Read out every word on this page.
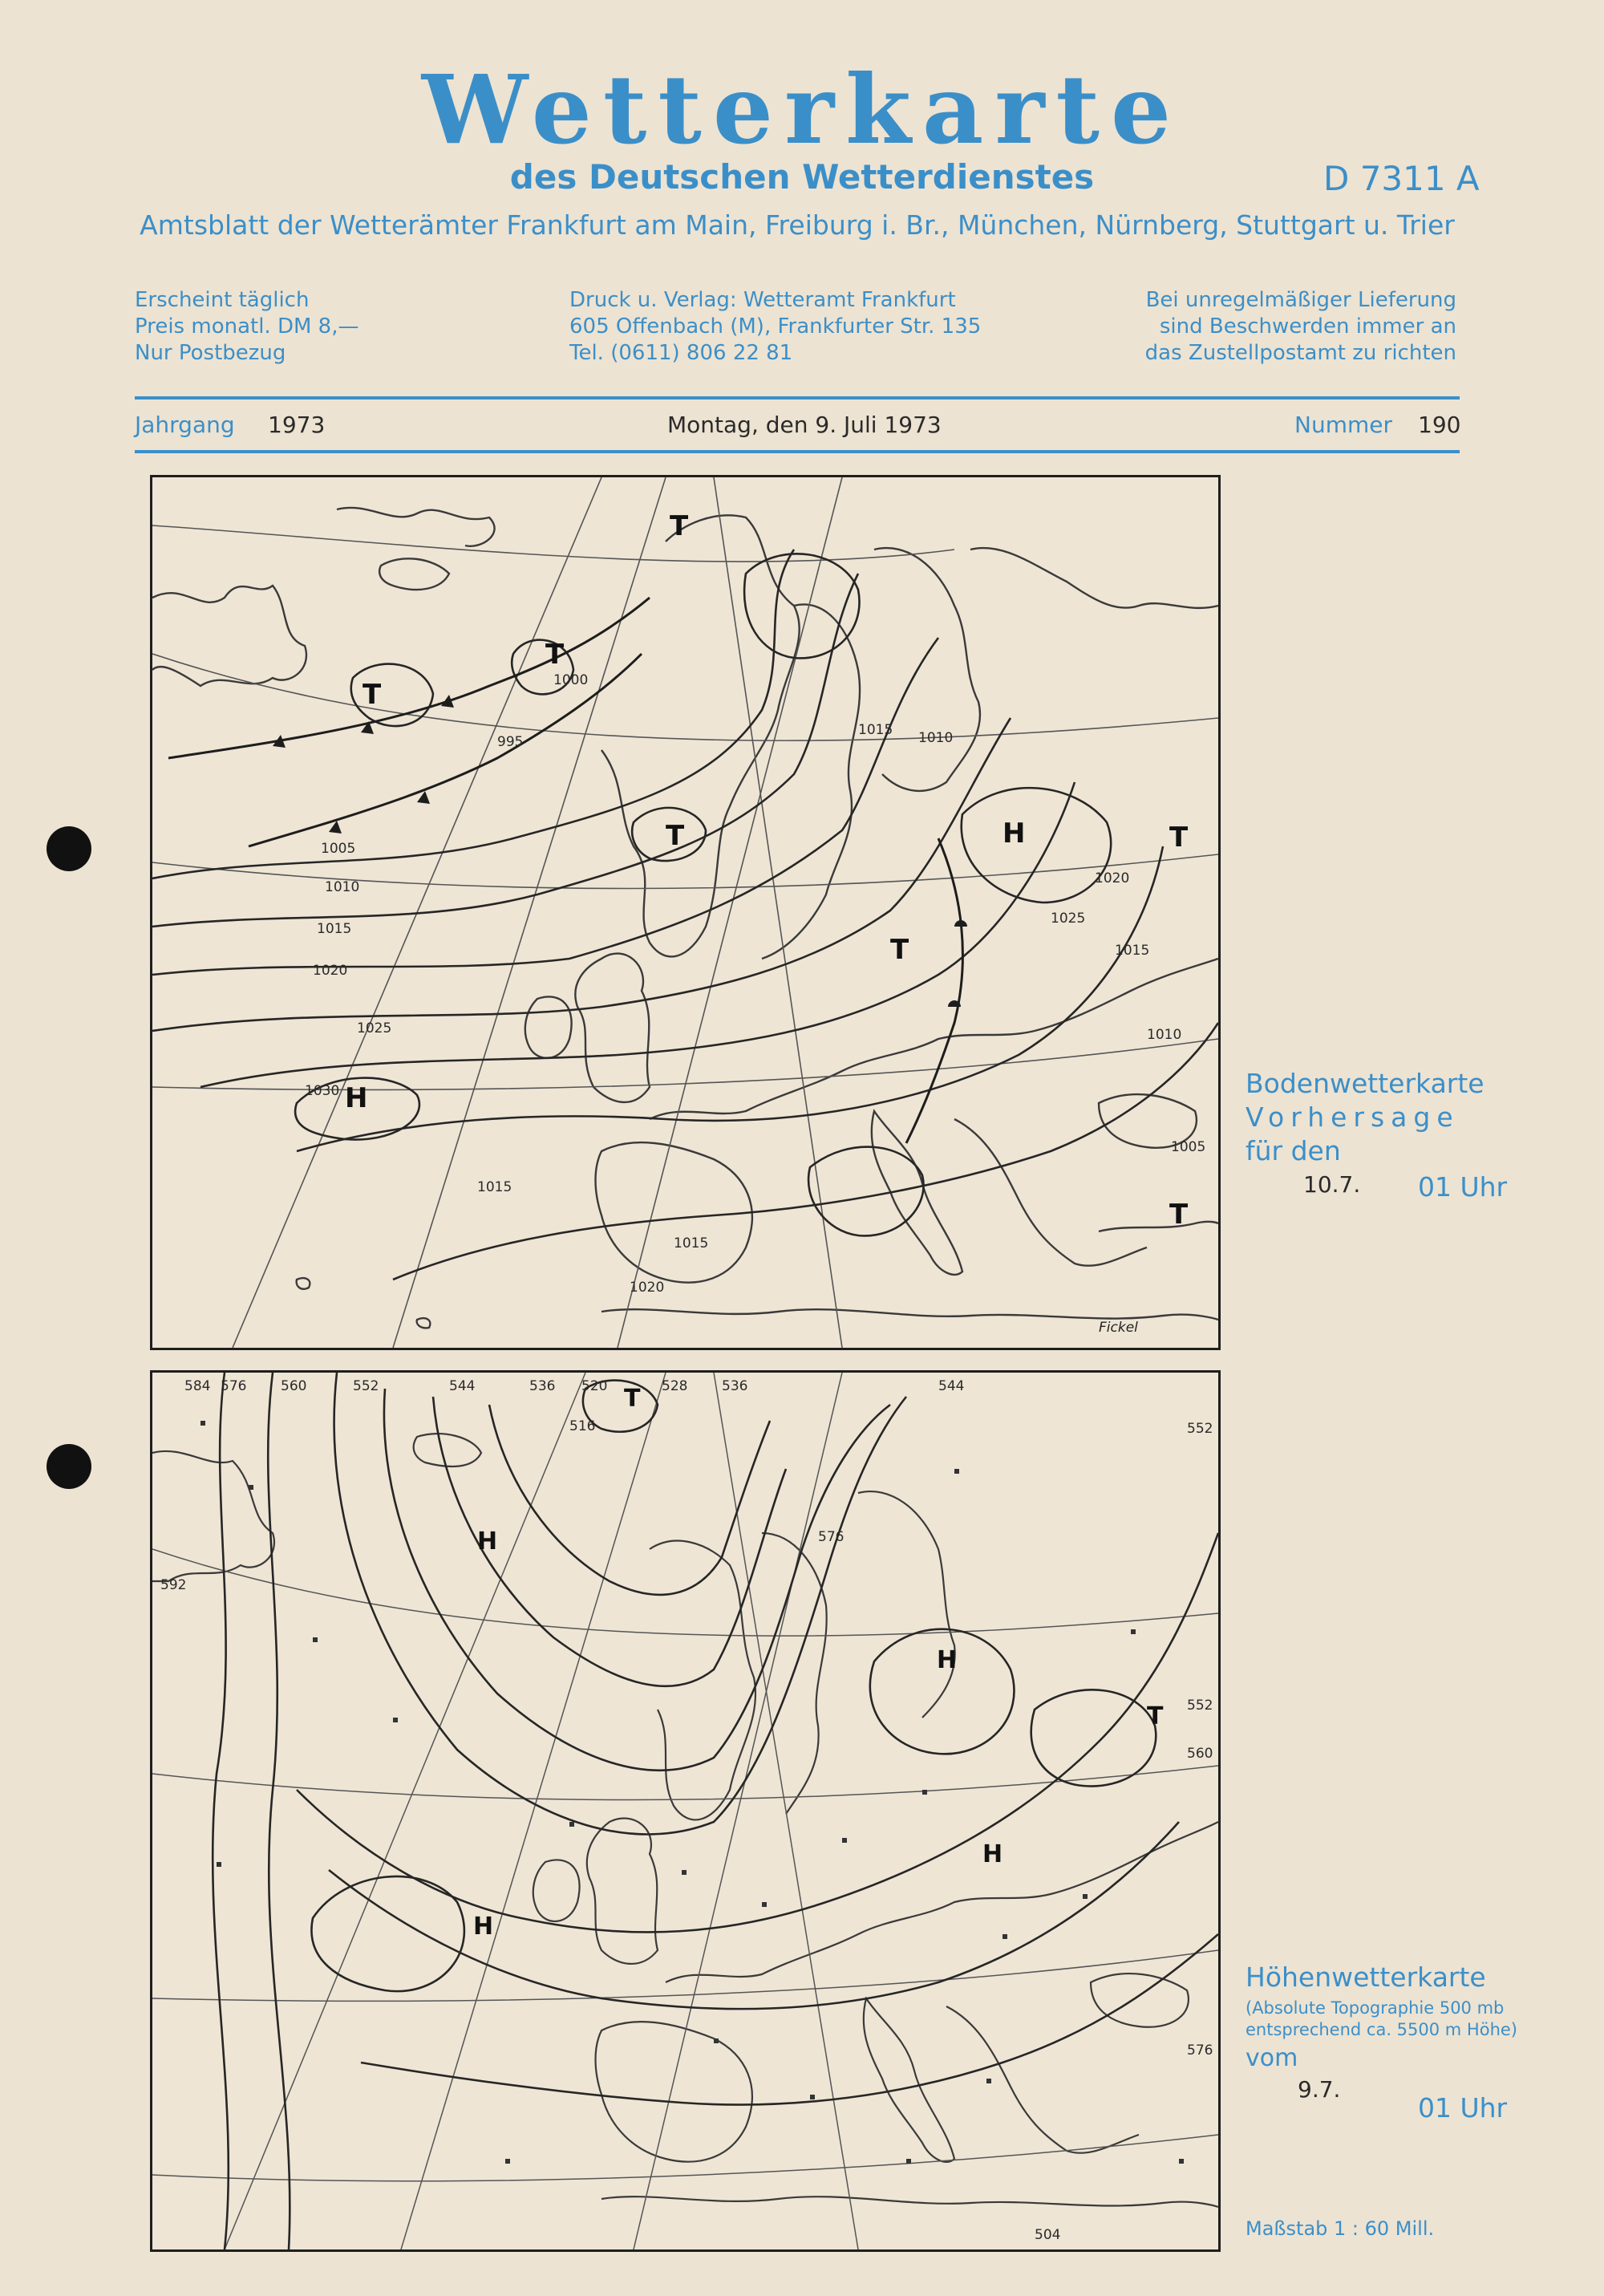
Wetterkarte
des Deutschen Wetterdienstes	D 7311 A
Amtsblatt der Wetterämter Frankfurt am Main, Freiburg i. Br., München, Nürnberg, Stuttgart u. Trier
Erscheint täglich
Preis monatl. DM 8,—
Nur Postbezug
Druck u. Verlag: Wetteramt Frankfurt
605 Offenbach (M), Frankfurter Str. 135
Tel. (0611) 806 22 81
Bei unregelmäßiger Lieferung
sind Beschwerden immer an
das Zustellpostamt zu richten
Jahrgang 1973	Montag, den 9. Juli 1973	Nummer 190
995
1000
1005
1010
1015
1020
1025
1030
1025
1020
1015
1010
1005
1015 1010
1020
1015
1015
T
T
T
T
T
T
T
H
H
Fickel
Bodenwetterkarte
Vorhersage
für den
10.7. 01 Uhr
584 576	560	552	544	536 520	528	536	544
552
552
560
576
592
576
504
516
T
T
H
H
H
H
Höhenwetterkarte
(Absolute Topographie 500 mb
entsprechend ca. 5500 m Höhe)
vom
9.7.
01 Uhr
Maßstab 1 : 60 Mill.
